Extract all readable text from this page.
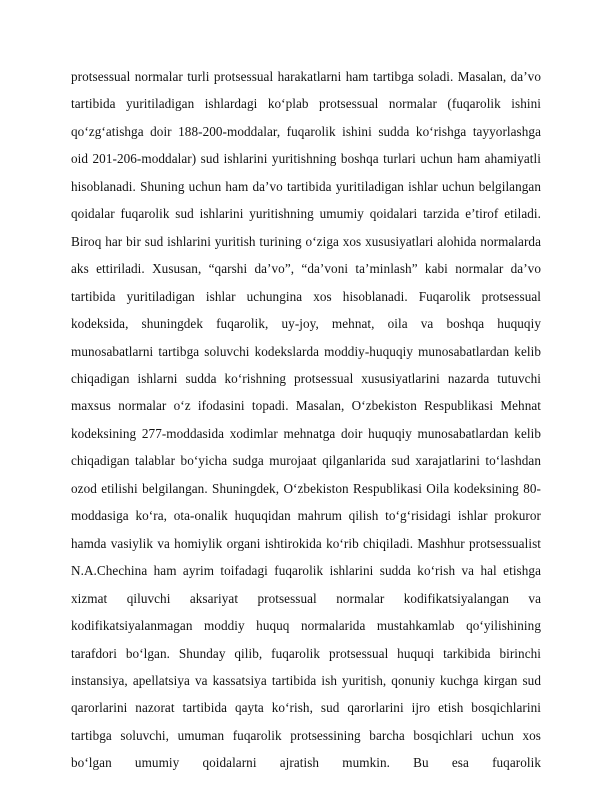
protsessual normalar turli protsessual harakatlarni ham tartibga soladi. Masalan, da’vo tartibida yuritiladigan ishlardagi ko‘plab protsessual normalar (fuqarolik ishini qo‘zg‘atishga doir 188-200-moddalar, fuqarolik ishini sudda ko‘rishga tayyorlashga oid 201-206-moddalar) sud ishlarini yuritishning boshqa turlari uchun ham ahamiyatli hisoblanadi. Shuning uchun ham da’vo tartibida yuritiladigan ishlar uchun belgilangan qoidalar fuqarolik sud ishlarini yuritishning umumiy qoidalari tarzida e’tirof etiladi. Biroq har bir sud ishlarini yuritish turining o‘ziga xos xususiyatlari alohida normalarda aks ettiriladi. Xususan, “qarshi da’vo”, “da’voni ta’minlash” kabi normalar da’vo tartibida yuritiladigan ishlar uchungina xos hisoblanadi. Fuqarolik protsessual kodeksida, shuningdek fuqarolik, uy-joy, mehnat, oila va boshqa huquqiy munosabatlarni tartibga soluvchi kodekslarda moddiy-huquqiy munosabatlardan kelib chiqadigan ishlarni sudda ko‘rishning protsessual xususiyatlarini nazarda tutuvchi maxsus normalar o‘z ifodasini topadi. Masalan, O‘zbekiston Respublikasi Mehnat kodeksining 277-moddasida xodimlar mehnatga doir huquqiy munosabatlardan kelib chiqadigan talablar bo‘yicha sudga murojaat qilganlarida sud xarajatlarini to‘lashdan ozod etilishi belgilangan. Shuningdek, O‘zbekiston Respublikasi Oila kodeksining 80-moddasiga ko‘ra, ota-onalik huquqidan mahrum qilish to‘g‘risidagi ishlar prokuror hamda vasiylik va homiylik organi ishtirokida ko‘rib chiqiladi. Mashhur protsessualist N.A.Chechina ham ayrim toifadagi fuqarolik ishlarini sudda ko‘rish va hal etishga xizmat qiluvchi aksariyat protsessual normalar kodifikatsiyalangan va kodifikatsiyalanmagan moddiy huquq normalarida mustahkamlab qo‘yilishining tarafdori bo‘lgan. Shunday qilib, fuqarolik protsessual huquqi tarkibida birinchi instansiya, apellatsiya va kassatsiya tartibida ish yuritish, qonuniy kuchga kirgan sud qarorlarini nazorat tartibida qayta ko‘rish, sud qarorlarini ijro etish bosqichlarini tartibga soluvchi, umuman fuqarolik protsessining barcha bosqichlari uchun xos bo‘lgan umumiy qoidalarni ajratish mumkin. Bu esa fuqarolik
